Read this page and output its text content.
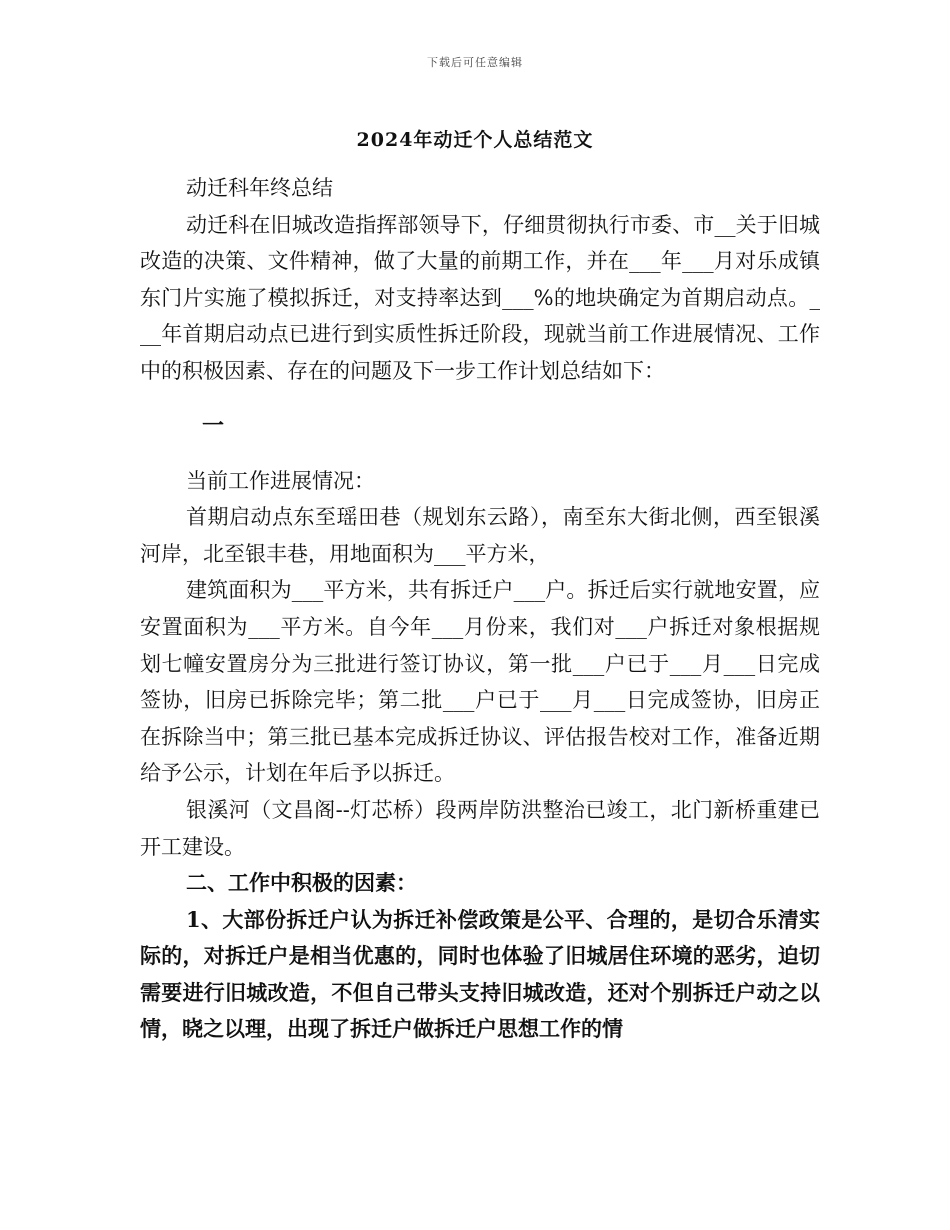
下载后可任意编辑
2024年动迁个人总结范文

动迁科年终总结

动迁科在旧城改造指挥部领导下，仔细贯彻执行市委、市__关于旧城改造的决策、文件精神，做了大量的前期工作，并在___年___月对乐成镇东门片实施了模拟拆迁，对支持率达到___%的地块确定为首期启动点。___年首期启动点已进行到实质性拆迁阶段，现就当前工作进展情况、工作中的积极因素、存在的问题及下一步工作计划总结如下：

一

当前工作进展情况：

首期启动点东至瑶田巷（规划东云路），南至东大街北侧，西至银溪河岸，北至银丰巷，用地面积为___平方米，

建筑面积为___平方米，共有拆迁户___户。拆迁后实行就地安置，应安置面积为___平方米。自今年___月份来，我们对___户拆迁对象根据规划七幢安置房分为三批进行签订协议，第一批___户已于___月___日完成签协，旧房已拆除完毕；第二批___户已于___月___日完成签协，旧房正在拆除当中；第三批已基本完成拆迁协议、评估报告校对工作，准备近期给予公示，计划在年后予以拆迁。

银溪河（文昌阁--灯芯桥）段两岸防洪整治已竣工，北门新桥重建已开工建设。

二、工作中积极的因素：

1、大部份拆迁户认为拆迁补偿政策是公平、合理的，是切合乐清实际的，对拆迁户是相当优惠的，同时也体验了旧城居住环境的恶劣，迫切需要进行旧城改造，不但自己带头支持旧城改造，还对个别拆迁户动之以情，晓之以理，出现了拆迁户做拆迁户思想工作的情
